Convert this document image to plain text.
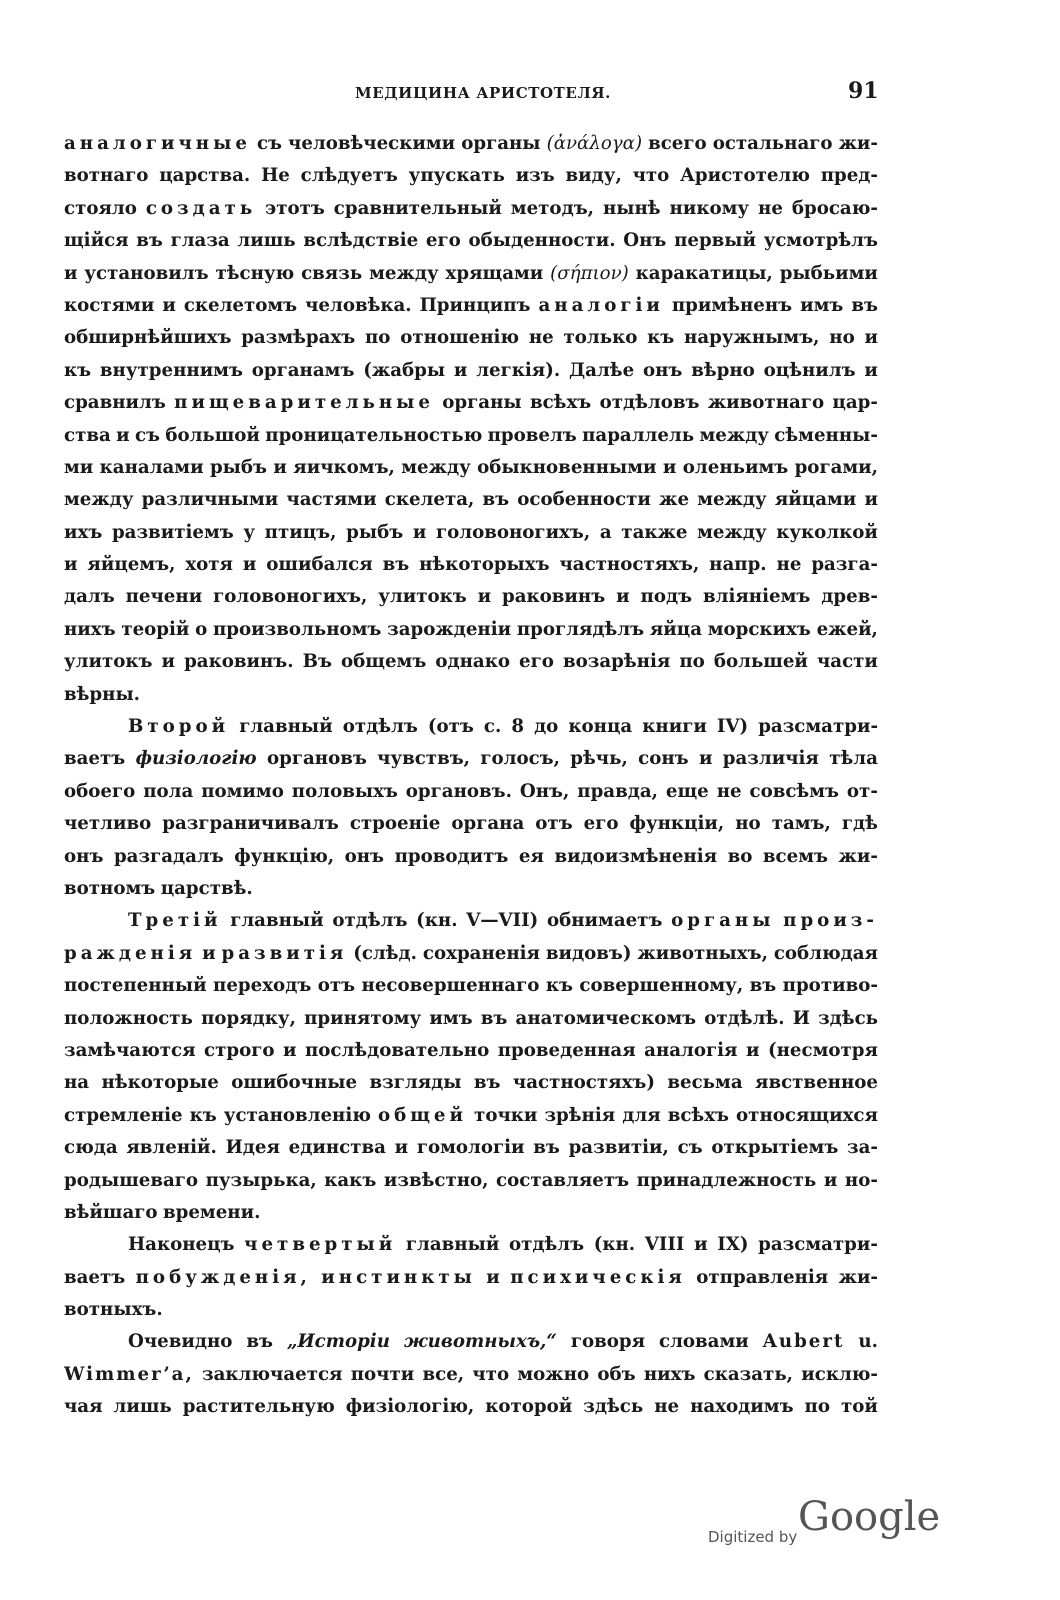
МЕДИЦИНА АРИСТОТЕЛЯ.	91
аналогичные съ человѣческими органы (ἀνάλογα) всего остальнаго жи-
вотнаго царства. Не слѣдуетъ упускать изъ виду, что Аристотелю пред-
стояло создать этотъ сравнительный методъ, нынѣ никому не бросаю-
щійся въ глаза лишь вслѣдствіе его обыденности. Онъ первый усмотрѣлъ
и установилъ тѣсную связь между хрящами (σήπιον) каракатицы, рыбьими
костями и скелетомъ человѣка. Принципъ аналогіи примѣненъ имъ въ
обширнѣйшихъ размѣрахъ по отношенію не только къ наружнымъ, но и
къ внутреннимъ органамъ (жабры и легкія). Далѣе онъ вѣрно оцѣнилъ и
сравнилъ пищеварительные органы всѣхъ отдѣловъ животнаго цар-
ства и съ большой проницательностью провелъ параллель между сѣменны-
ми каналами рыбъ и яичкомъ, между обыкновенными и оленьимъ рогами,
между различными частями скелета, въ особенности же между яйцами и
ихъ развитіемъ у птицъ, рыбъ и головоногихъ, а также между куколкой
и яйцемъ, хотя и ошибался въ нѣкоторыхъ частностяхъ, напр. не разга-
далъ печени головоногихъ, улитокъ и раковинъ и подъ вліяніемъ древ-
нихъ теорій о произвольномъ зарожденіи проглядѣлъ яйца морскихъ ежей,
улитокъ и раковинъ. Въ общемъ однако его возарѣнія по большей части
вѣрны.
Второй главный отдѣлъ (отъ с. 8 до конца книги IV) разсматри-
ваетъ физіологію органовъ чувствъ, голосъ, рѣчь, сонъ и различія тѣла
обоего пола помимо половыхъ органовъ. Онъ, правда, еще не совсѣмъ от-
четливо разграничивалъ строеніе органа отъ его функціи, но тамъ, гдѣ
онъ разгадалъ функцію, онъ проводитъ ея видоизмѣненія во всемъ жи-
вотномъ царствѣ.
Третій главный отдѣлъ (кн. V—VII) обнимаетъ органы произ-
ражденія и развитія (слѣд. сохраненія видовъ) животныхъ, соблюдая
постепенный переходъ отъ несовершеннаго къ совершенному, въ противо-
положность порядку, принятому имъ въ анатомическомъ отдѣлѣ. И здѣсь
замѣчаются строго и послѣдовательно проведенная аналогія и (несмотря
на нѣкоторые ошибочные взгляды въ частностяхъ) весьма явственное
стремленіе къ установленію общей точки зрѣнія для всѣхъ относящихся
сюда явленій. Идея единства и гомологіи въ развитіи, съ открытіемъ за-
родышеваго пузырька, какъ извѣстно, составляетъ принадлежность и но-
вѣйшаго времени.
Наконецъ четвертый главный отдѣлъ (кн. VIII и IX) разсматри-
ваетъ побужденія, инстинкты и психическія отправленія жи-
вотныхъ.
Очевидно въ „Исторіи животныхъ,“ говоря словами Aubert u.
Wimmer’a, заключается почти все, что можно объ нихъ сказать, исклю-
чая лишь растительную физіологію, которой здѣсь не находимъ по той
Digitized by Google
